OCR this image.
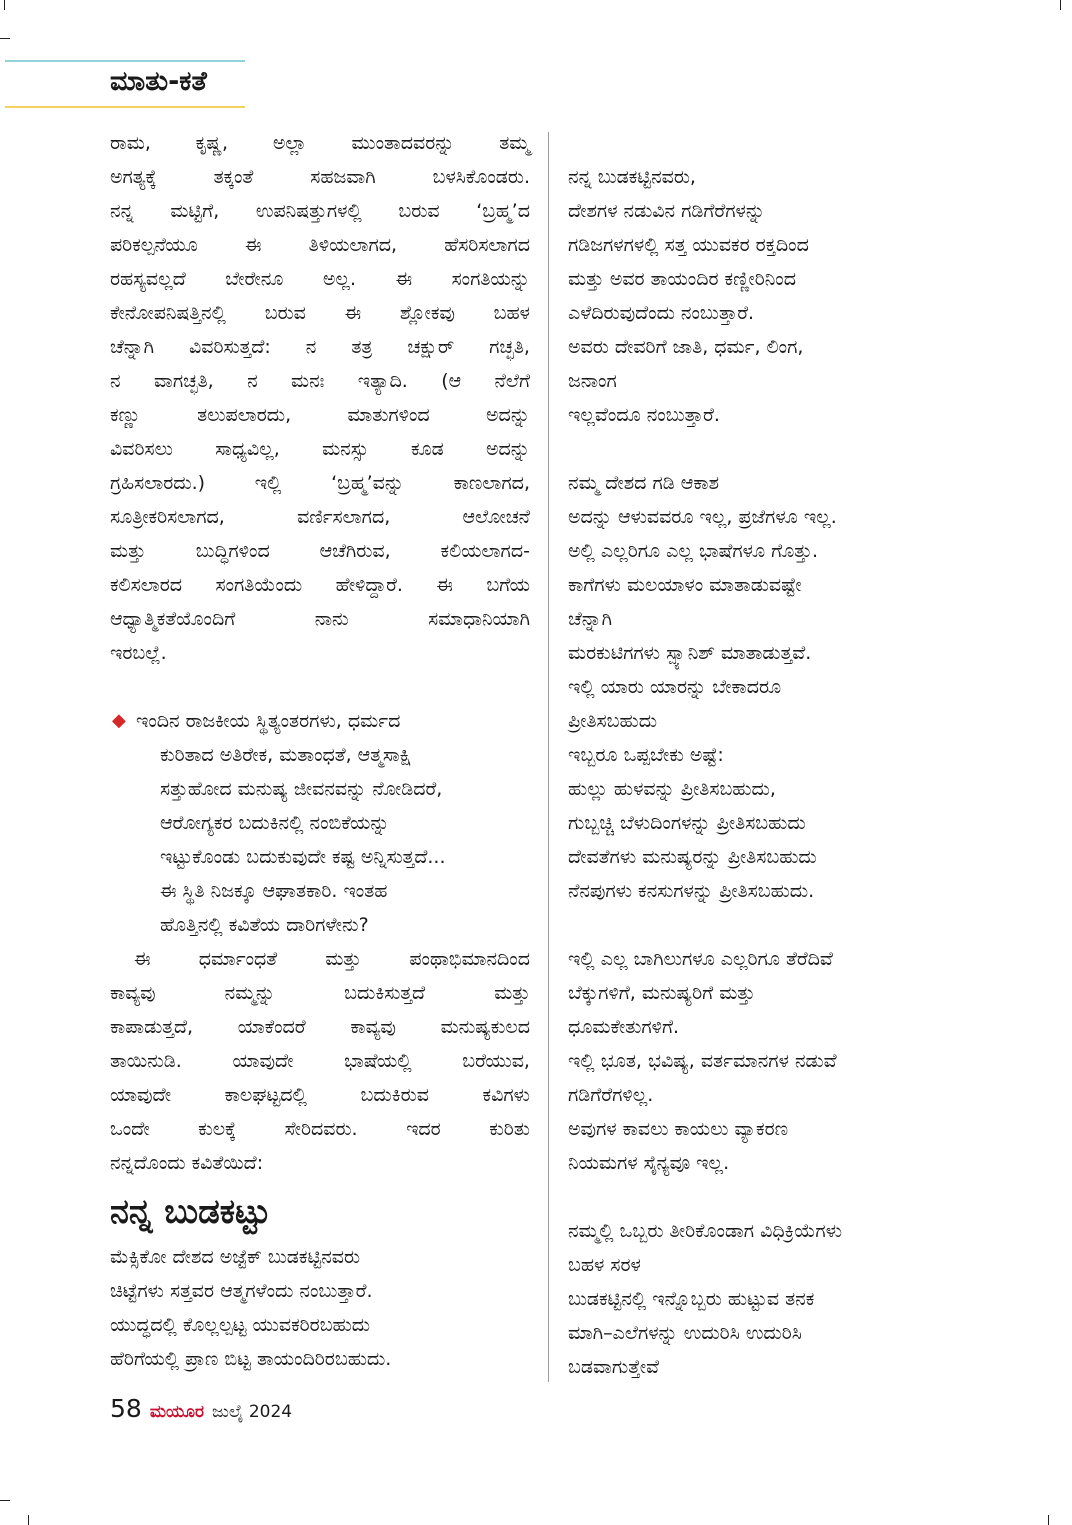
ಮಾತು-ಕತೆ
ರಾಮ, ಕೃಷ್ಣ, ಅಲ್ಲಾ ಮುಂತಾದವರನ್ನು ತಮ್ಮ
ಅಗತ್ಯಕ್ಕೆ	ತಕ್ಕಂತೆ	ಸಹಜವಾಗಿ	ಬಳಸಿಕೊಂಡರು.
ನನ್ನ ಮಟ್ಟಿಗೆ, ಉಪನಿಷತ್ತುಗಳಲ್ಲಿ ಬರುವ ‘ಬ್ರಹ್ಮ’ದ
ಪರಿಕಲ್ಪನೆಯೂ ಈ ತಿಳಿಯಲಾಗದ, ಹೆಸರಿಸಲಾಗದ
ರಹಸ್ಯವಲ್ಲದೆ ಬೇರೇನೂ ಅಲ್ಲ. ಈ ಸಂಗತಿಯನ್ನು
ಕೇನೋಪನಿಷತ್ತಿನಲ್ಲಿ ಬರುವ ಈ ಶ್ಲೋಕವು ಬಹಳ
ಚೆನ್ನಾಗಿ ವಿವರಿಸುತ್ತದೆ: ನ ತತ್ರ ಚಕ್ಷುರ್ ಗಚ್ಛತಿ,
ನ ವಾಗಚ್ಛತಿ, ನ ಮನಃ ಇತ್ಯಾದಿ. (ಆ ನೆಲೆಗೆ
ಕಣ್ಣು	ತಲುಪಲಾರದು,	ಮಾತುಗಳಿಂದ	ಅದನ್ನು
ವಿವರಿಸಲು ಸಾಧ್ಯವಿಲ್ಲ, ಮನಸ್ಸು ಕೂಡ ಅದನ್ನು
ಗ್ರಹಿಸಲಾರದು.)	ಇಲ್ಲಿ	‘ಬ್ರಹ್ಮ’ವನ್ನು	ಕಾಣಲಾಗದ,
ಸೂತ್ರೀಕರಿಸಲಾಗದ,	ವರ್ಣಿಸಲಾಗದ,	ಆಲೋಚನೆ
ಮತ್ತು	ಬುದ್ಧಿಗಳಿಂದ	ಆಚೆಗಿರುವ,	ಕಲಿಯಲಾಗದ-
ಕಲಿಸಲಾರದ ಸಂಗತಿಯೆಂದು ಹೇಳಿದ್ದಾರೆ. ಈ ಬಗೆಯ
ಆಧ್ಯಾತ್ಮಿಕತೆಯೊಂದಿಗೆ	ನಾನು	ಸಮಾಧಾನಿಯಾಗಿ
ಇರಬಲ್ಲೆ.
◆ ಇಂದಿನ ರಾಜಕೀಯ ಸ್ಥಿತ್ಯಂತರಗಳು, ಧರ್ಮದ
ಕುರಿತಾದ ಅತಿರೇಕ, ಮತಾಂಧತೆ, ಆತ್ಮಸಾಕ್ಷಿ
ಸತ್ತುಹೋದ ಮನುಷ್ಯ ಜೀವನವನ್ನು ನೋಡಿದರೆ,
ಆರೋಗ್ಯಕರ ಬದುಕಿನಲ್ಲಿ ನಂಬಿಕೆಯನ್ನು
ಇಟ್ಟುಕೊಂಡು ಬದುಕುವುದೇ ಕಷ್ಟ ಅನ್ನಿಸುತ್ತದೆ...
ಈ ಸ್ಥಿತಿ ನಿಜಕ್ಕೂ ಆಘಾತಕಾರಿ. ಇಂತಹ
ಹೊತ್ತಿನಲ್ಲಿ ಕವಿತೆಯ ದಾರಿಗಳೇನು?
ಈ	ಧರ್ಮಾಂಧತೆ	ಮತ್ತು	ಪಂಥಾಭಿಮಾನದಿಂದ
ಕಾವ್ಯವು	ನಮ್ಮನ್ನು	ಬದುಕಿಸುತ್ತದೆ	ಮತ್ತು
ಕಾಪಾಡುತ್ತದೆ, ಯಾಕೆಂದರೆ ಕಾವ್ಯವು ಮನುಷ್ಯಕುಲದ
ತಾಯಿನುಡಿ.	ಯಾವುದೇ	ಭಾಷೆಯಲ್ಲಿ	ಬರೆಯುವ,
ಯಾವುದೇ	ಕಾಲಘಟ್ಟದಲ್ಲಿ	ಬದುಕಿರುವ	ಕವಿಗಳು
ಒಂದೇ	ಕುಲಕ್ಕೆ	ಸೇರಿದವರು.	ಇದರ	ಕುರಿತು
ನನ್ನದೊಂದು ಕವಿತೆಯಿದೆ:
ನನ್ನ ಬುಡಕಟ್ಟು
ಮೆಕ್ಸಿಕೋ ದೇಶದ ಅಜ್ಟೆಕ್ ಬುಡಕಟ್ಟಿನವರು
ಚಿಟ್ಟೆಗಳು ಸತ್ತವರ ಆತ್ಮಗಳೆಂದು ನಂಬುತ್ತಾರೆ.
ಯುದ್ಧದಲ್ಲಿ ಕೊಲ್ಲಲ್ಪಟ್ಟ ಯುವಕರಿರಬಹುದು
ಹೆರಿಗೆಯಲ್ಲಿ ಪ್ರಾಣ ಬಿಟ್ಟ ತಾಯಂದಿರಿರಬಹುದು.
ನನ್ನ ಬುಡಕಟ್ಟಿನವರು,
ದೇಶಗಳ ನಡುವಿನ ಗಡಿಗೆರೆಗಳನ್ನು
ಗಡಿಜಗಳಗಳಲ್ಲಿ ಸತ್ತ ಯುವಕರ ರಕ್ತದಿಂದ
ಮತ್ತು ಅವರ ತಾಯಂದಿರ ಕಣ್ಣೀರಿನಿಂದ
ಎಳೆದಿರುವುದೆಂದು ನಂಬುತ್ತಾರೆ.
ಅವರು ದೇವರಿಗೆ ಜಾತಿ, ಧರ್ಮ, ಲಿಂಗ,
ಜನಾಂಗ
ಇಲ್ಲವೆಂದೂ ನಂಬುತ್ತಾರೆ.
ನಮ್ಮ ದೇಶದ ಗಡಿ ಆಕಾಶ
ಅದನ್ನು ಆಳುವವರೂ ಇಲ್ಲ, ಪ್ರಜೆಗಳೂ ಇಲ್ಲ.
ಅಲ್ಲಿ ಎಲ್ಲರಿಗೂ ಎಲ್ಲ ಭಾಷೆಗಳೂ ಗೊತ್ತು.
ಕಾಗೆಗಳು ಮಲಯಾಳಂ ಮಾತಾಡುವಷ್ಟೇ
ಚೆನ್ನಾಗಿ
ಮರಕುಟಿಗಗಳು ಸ್ಪ್ಯಾನಿಶ್ ಮಾತಾಡುತ್ತವೆ.
ಇಲ್ಲಿ ಯಾರು ಯಾರನ್ನು ಬೇಕಾದರೂ
ಪ್ರೀತಿಸಬಹುದು
ಇಬ್ಬರೂ ಒಪ್ಪಬೇಕು ಅಷ್ಟೆ:
ಹುಲ್ಲು ಹುಳವನ್ನು ಪ್ರೀತಿಸಬಹುದು,
ಗುಬ್ಬಚ್ಚಿ ಬೆಳುದಿಂಗಳನ್ನು ಪ್ರೀತಿಸಬಹುದು
ದೇವತೆಗಳು ಮನುಷ್ಯರನ್ನು ಪ್ರೀತಿಸಬಹುದು
ನೆನಪುಗಳು ಕನಸುಗಳನ್ನು ಪ್ರೀತಿಸಬಹುದು.
ಇಲ್ಲಿ ಎಲ್ಲ ಬಾಗಿಲುಗಳೂ ಎಲ್ಲರಿಗೂ ತೆರೆದಿವೆ
ಬೆಕ್ಕುಗಳಿಗೆ, ಮನುಷ್ಯರಿಗೆ ಮತ್ತು
ಧೂಮಕೇತುಗಳಿಗೆ.
ಇಲ್ಲಿ ಭೂತ, ಭವಿಷ್ಯ, ವರ್ತಮಾನಗಳ ನಡುವೆ
ಗಡಿಗೆರೆಗಳಿಲ್ಲ.
ಅವುಗಳ ಕಾವಲು ಕಾಯಲು ವ್ಯಾಕರಣ
ನಿಯಮಗಳ ಸೈನ್ಯವೂ ಇಲ್ಲ.
ನಮ್ಮಲ್ಲಿ ಒಬ್ಬರು ತೀರಿಕೊಂಡಾಗ ವಿಧಿಕ್ರಿಯೆಗಳು
ಬಹಳ ಸರಳ
ಬುಡಕಟ್ಟಿನಲ್ಲಿ ಇನ್ನೊಬ್ಬರು ಹುಟ್ಟುವ ತನಕ
ಮಾಗಿ–ಎಲೆಗಳನ್ನು ಉದುರಿಸಿ ಉದುರಿಸಿ
ಬಡವಾಗುತ್ತೇವೆ
58 ಮಯೂರ ಜುಲೈ 2024
